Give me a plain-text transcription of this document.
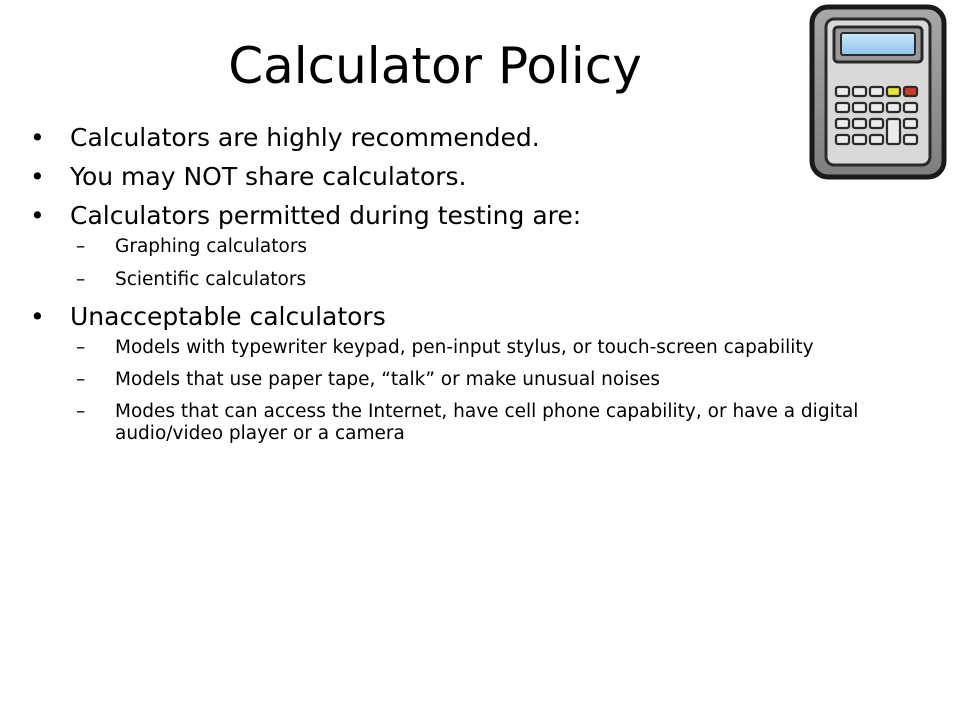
Calculator Policy
• Calculators are highly recommended.
• You may NOT share calculators.
• Calculators permitted during testing are:
– Graphing calculators
– Scientific calculators
• Unacceptable calculators
– Models with typewriter keypad, pen-input stylus, or touch-screen capability
– Models that use paper tape, “talk” or make unusual noises
– Modes that can access the Internet, have cell phone capability, or have a digital audio/video player or a camera
